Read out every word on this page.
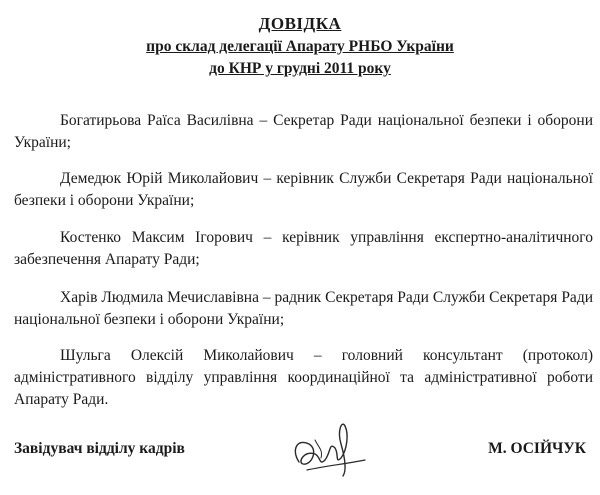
ДОВІДКА
про склад делегації Апарату РНБО України
до КНР у грудні 2011 року
Богатирьова Раїса Василівна – Секретар Ради національної безпеки і оборони України;
Демедюк Юрій Миколайович – керівник Служби Секретаря Ради національної безпеки і оборони України;
Костенко Максим Ігорович – керівник управління експертно-аналітичного забезпечення Апарату Ради;
Харів Людмила Мечиславівна – радник Секретаря Ради Служби Секретаря Ради національної безпеки і оборони України;
Шульга Олексій Миколайович – головний консультант (протокол) адміністративного відділу управління координаційної та адміністративної роботи Апарату Ради.
Завідувач відділу кадрів	М. ОСІЙЧУК
